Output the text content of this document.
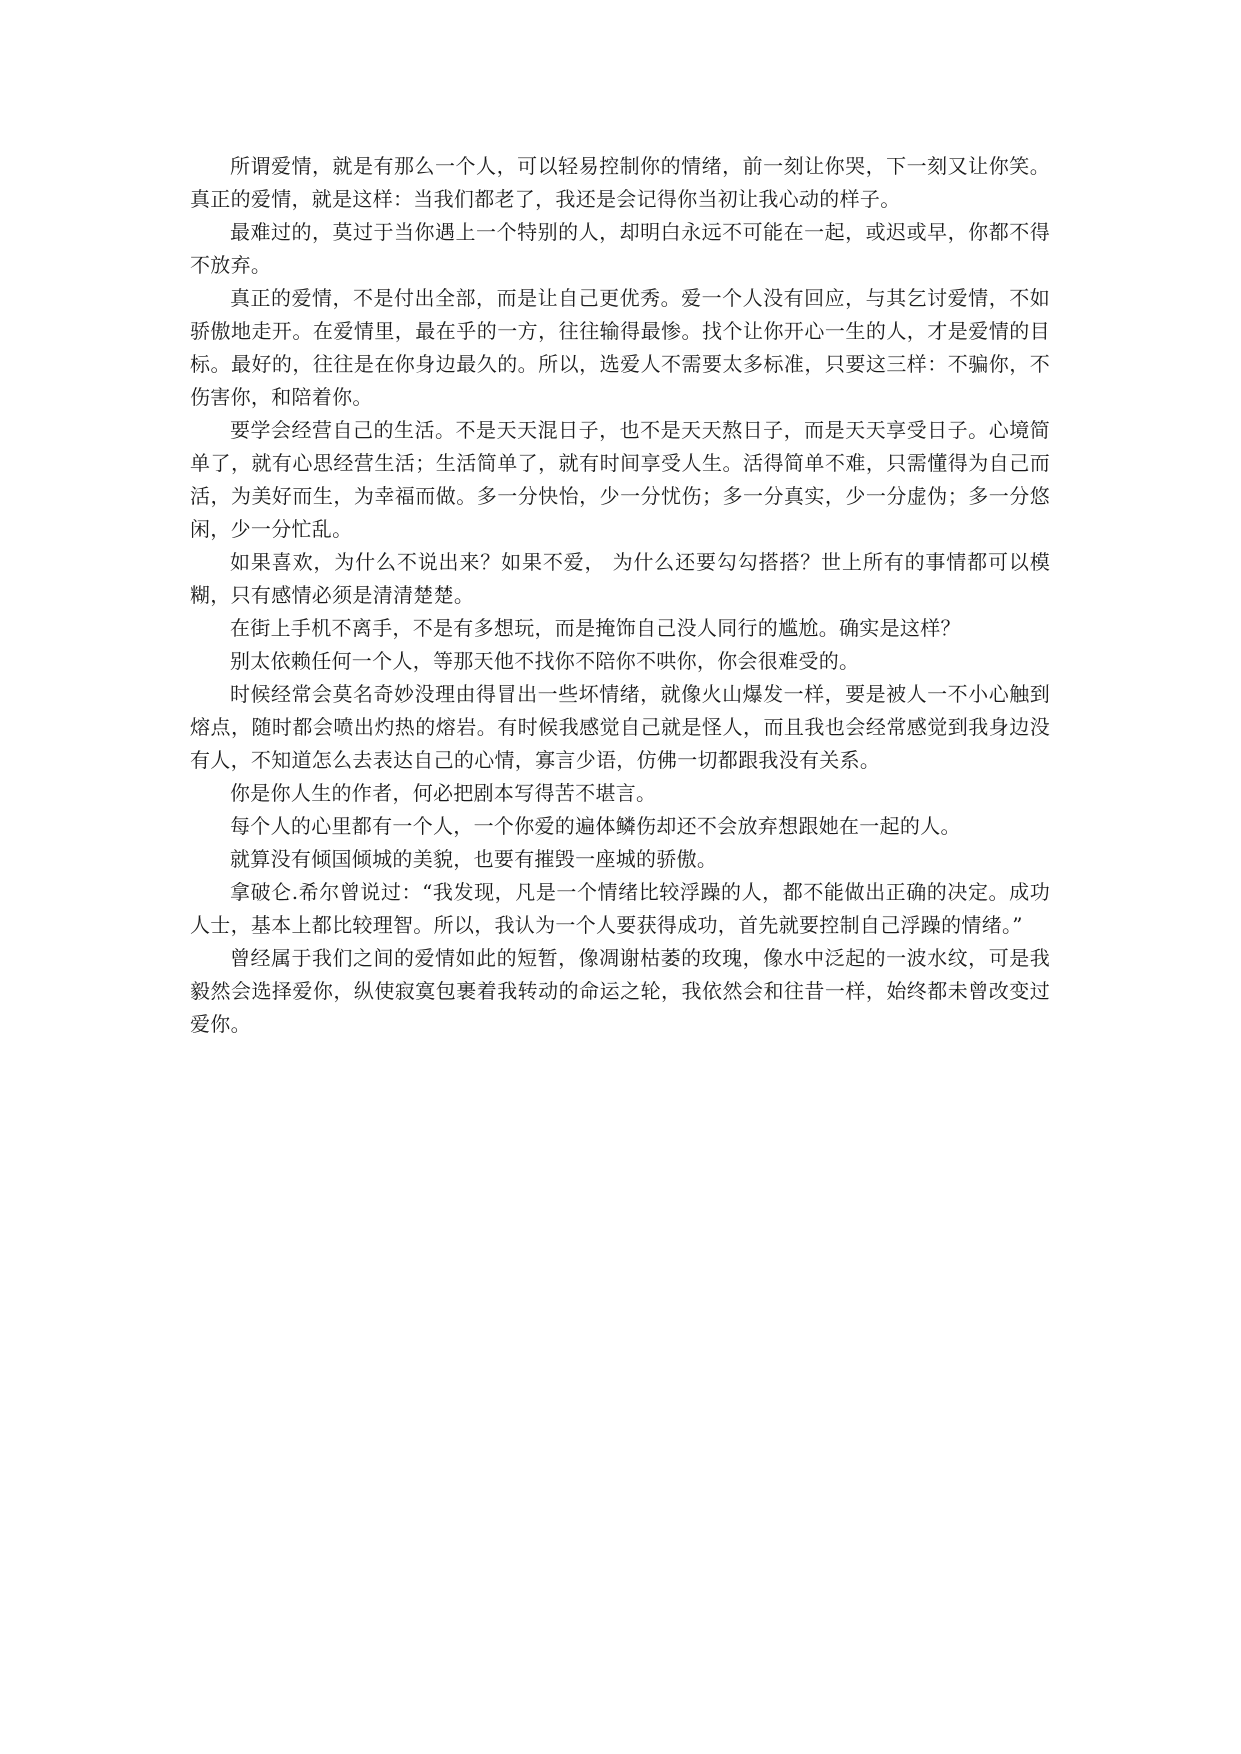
所谓爱情，就是有那么一个人，可以轻易控制你的情绪，前一刻让你哭，下一刻又让你笑。真正的爱情，就是这样：当我们都老了，我还是会记得你当初让我心动的样子。

最难过的，莫过于当你遇上一个特别的人，却明白永远不可能在一起，或迟或早，你都不得不放弃。

真正的爱情，不是付出全部，而是让自己更优秀。爱一个人没有回应，与其乞讨爱情，不如骄傲地走开。在爱情里，最在乎的一方，往往输得最惨。找个让你开心一生的人，才是爱情的目标。最好的，往往是在你身边最久的。所以，选爱人不需要太多标准，只要这三样：不骗你，不伤害你，和陪着你。

要学会经营自己的生活。不是天天混日子，也不是天天熬日子，而是天天享受日子。心境简单了，就有心思经营生活；生活简单了，就有时间享受人生。活得简单不难，只需懂得为自己而活，为美好而生，为幸福而做。多一分快怡，少一分忧伤；多一分真实，少一分虚伪；多一分悠闲，少一分忙乱。

如果喜欢，为什么不说出来？如果不爱， 为什么还要勾勾搭搭？世上所有的事情都可以模糊，只有感情必须是清清楚楚。

在街上手机不离手，不是有多想玩，而是掩饰自己没人同行的尴尬。确实是这样？

别太依赖任何一个人，等那天他不找你不陪你不哄你，你会很难受的。

时候经常会莫名奇妙没理由得冒出一些坏情绪，就像火山爆发一样，要是被人一不小心触到熔点，随时都会喷出灼热的熔岩。有时候我感觉自己就是怪人，而且我也会经常感觉到我身边没有人，不知道怎么去表达自己的心情，寡言少语，仿佛一切都跟我没有关系。

你是你人生的作者，何必把剧本写得苦不堪言。

每个人的心里都有一个人，一个你爱的遍体鳞伤却还不会放弃想跟她在一起的人。

就算没有倾国倾城的美貌，也要有摧毁一座城的骄傲。

拿破仑.希尔曾说过：“我发现，凡是一个情绪比较浮躁的人，都不能做出正确的决定。成功人士，基本上都比较理智。所以，我认为一个人要获得成功，首先就要控制自己浮躁的情绪。”

曾经属于我们之间的爱情如此的短暂，像凋谢枯萎的玫瑰，像水中泛起的一波水纹，可是我毅然会选择爱你，纵使寂寞包裹着我转动的命运之轮，我依然会和往昔一样，始终都未曾改变过爱你。
